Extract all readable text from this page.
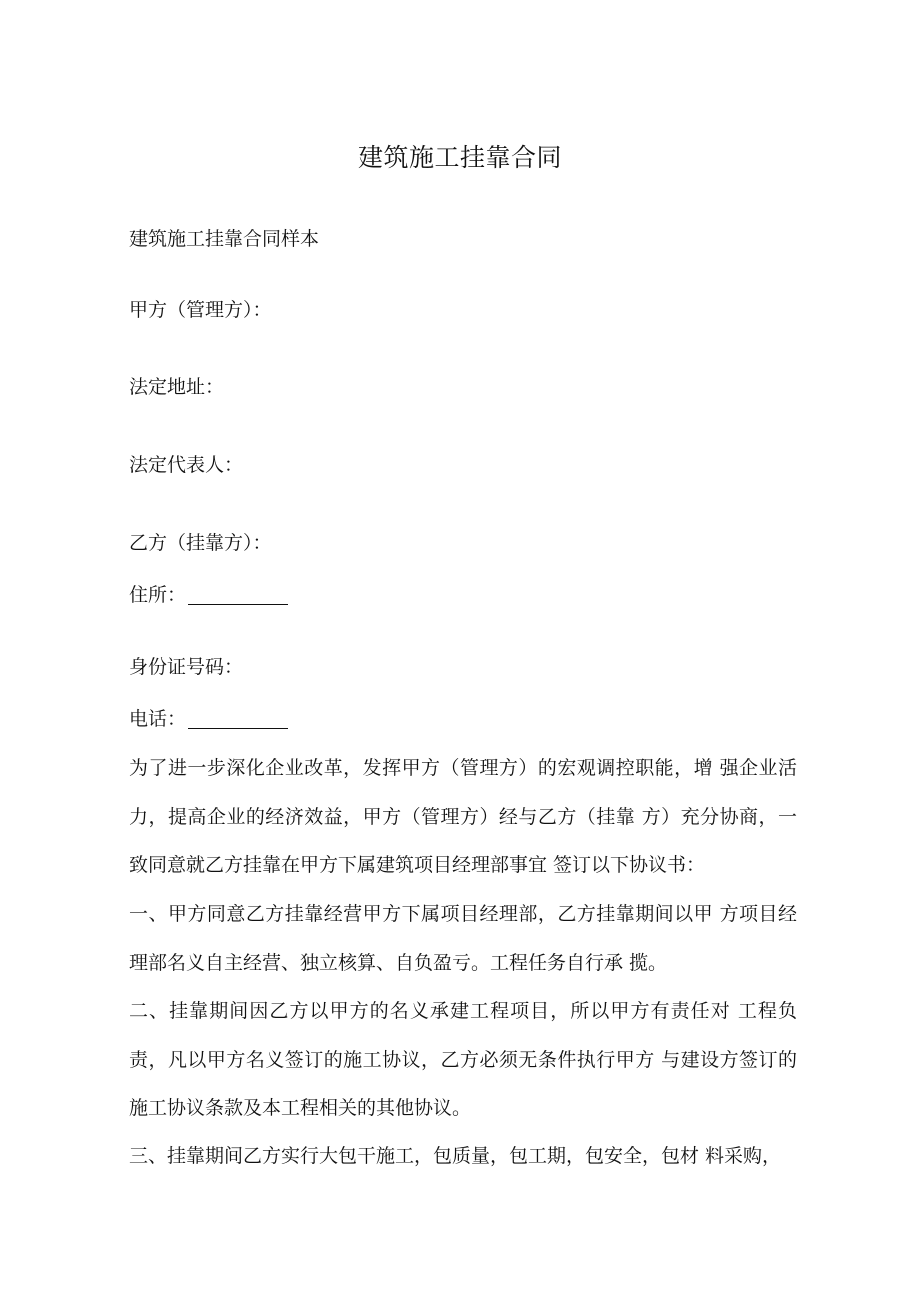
建筑施工挂靠合同
建筑施工挂靠合同样本
甲方（管理方）：
法定地址：
法定代表人：
乙方（挂靠方）：
住所：
身份证号码：
电话：
为了进一步深化企业改革，发挥甲方（管理方）的宏观调控职能，增 强企业活力，提高企业的经济效益，甲方（管理方）经与乙方（挂靠 方）充分协商，一致同意就乙方挂靠在甲方下属建筑项目经理部事宜 签订以下协议书：
一、甲方同意乙方挂靠经营甲方下属项目经理部，乙方挂靠期间以甲 方项目经理部名义自主经营、独立核算、自负盈亏。工程任务自行承 揽。
二、挂靠期间因乙方以甲方的名义承建工程项目，所以甲方有责任对 工程负责，凡以甲方名义签订的施工协议，乙方必须无条件执行甲方 与建设方签订的施工协议条款及本工程相关的其他协议。
三、挂靠期间乙方实行大包干施工，包质量，包工期，包安全，包材 料采购，
